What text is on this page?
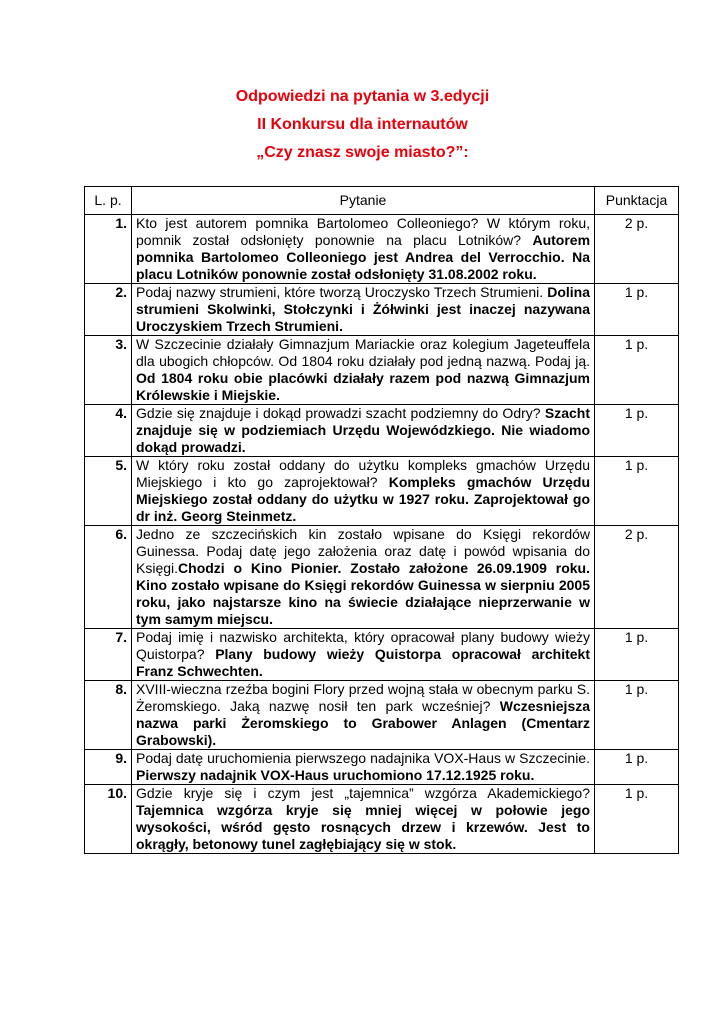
Odpowiedzi na pytania w 3.edycji
II Konkursu dla internautów
„Czy znasz swoje miasto?”:
L. p.	Pytanie	Punktacja
1.	Kto jest autorem pomnika Bartolomeo Colleoniego? W którym roku, pomnik został odsłonięty ponownie na placu Lotników? Autorem pomnika Bartolomeo Colleoniego jest Andrea del Verrocchio. Na placu Lotników ponownie został odsłonięty 31.08.2002 roku.	2 p.
2.	Podaj nazwy strumieni, które tworzą Uroczysko Trzech Strumieni. Dolina strumieni Skolwinki, Stołczynki i Żółwinki jest inaczej nazywana Uroczyskiem Trzech Strumieni.	1 p.
3.	W Szczecinie działały Gimnazjum Mariackie oraz kolegium Jageteuffela dla ubogich chłopców. Od 1804 roku działały pod jedną nazwą. Podaj ją. Od 1804 roku obie placówki działały razem pod nazwą Gimnazjum Królewskie i Miejskie.	1 p.
4.	Gdzie się znajduje i dokąd prowadzi szacht podziemny do Odry? Szacht znajduje się w podziemiach Urzędu Wojewódzkiego. Nie wiadomo dokąd prowadzi.	1 p.
5.	W który roku został oddany do użytku kompleks gmachów Urzędu Miejskiego i kto go zaprojektował? Kompleks gmachów Urzędu Miejskiego został oddany do użytku w 1927 roku. Zaprojektował go dr inż. Georg Steinmetz.	1 p.
6.	Jedno ze szczecińskich kin zostało wpisane do Księgi rekordów Guinessa. Podaj datę jego założenia oraz datę i powód wpisania do Księgi.Chodzi o Kino Pionier. Zostało założone 26.09.1909 roku. Kino zostało wpisane do Księgi rekordów Guinessa w sierpniu 2005 roku, jako najstarsze kino na świecie działające nieprzerwanie w tym samym miejscu.	2 p.
7.	Podaj imię i nazwisko architekta, który opracował plany budowy wieży Quistorpa? Plany budowy wieży Quistorpa opracował architekt Franz Schwechten.	1 p.
8.	XVIII-wieczna rzeźba bogini Flory przed wojną stała w obecnym parku S. Żeromskiego. Jaką nazwę nosił ten park wcześniej? Wczesniejsza nazwa parki Żeromskiego to Grabower Anlagen (Cmentarz Grabowski).	1 p.
9.	Podaj datę uruchomienia pierwszego nadajnika VOX-Haus w Szczecinie. Pierwszy nadajnik VOX-Haus uruchomiono 17.12.1925 roku.	1 p.
10.	Gdzie kryje się i czym jest „tajemnica” wzgórza Akademickiego? Tajemnica wzgórza kryje się mniej więcej w połowie jego wysokości, wśród gęsto rosnących drzew i krzewów. Jest to okrągły, betonowy tunel zagłębiający się w stok.	1 p.
